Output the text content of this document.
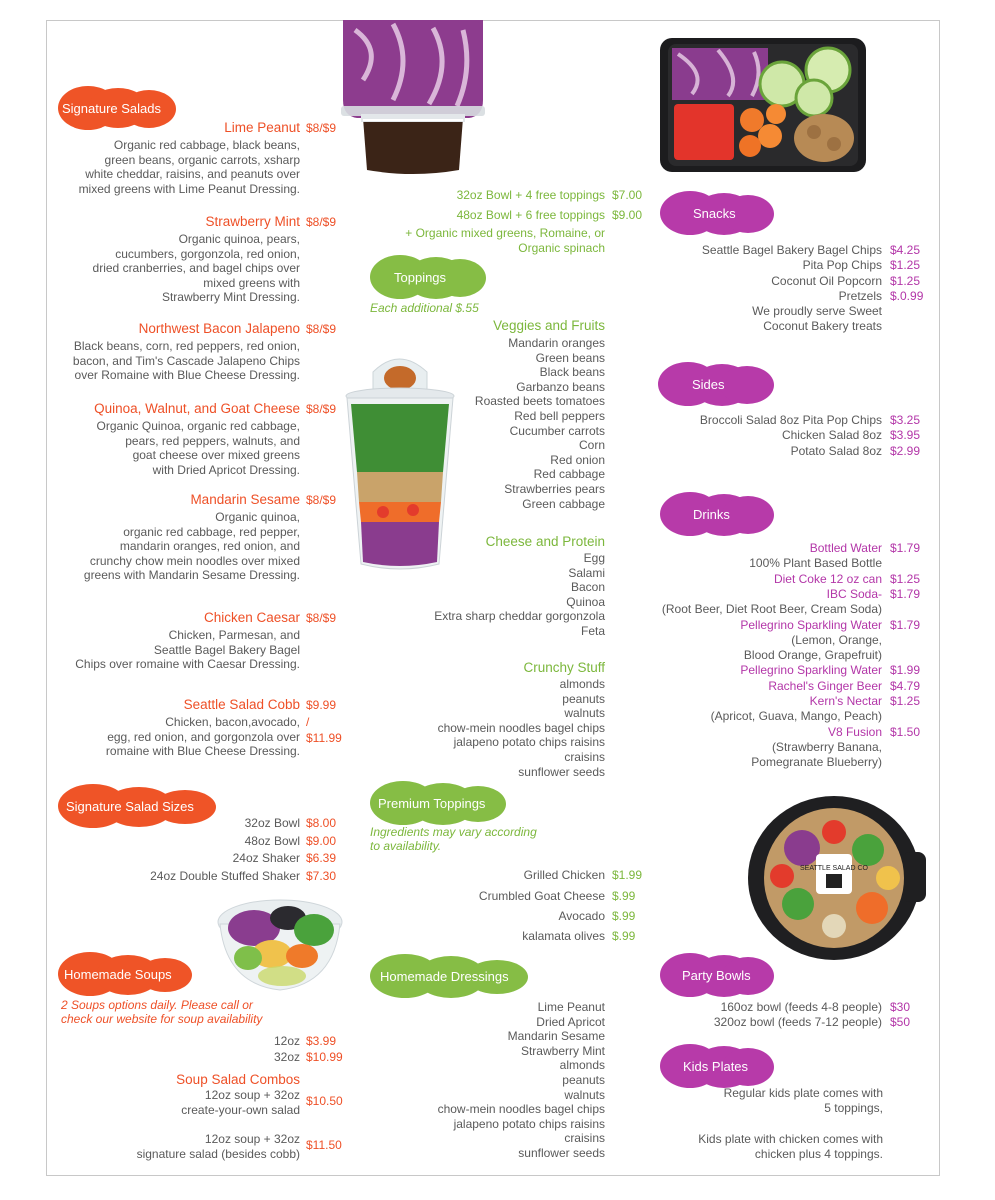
Signature Salads
Lime Peanut $8/$9
Organic red cabbage, black beans,
green beans, organic carrots, xsharp
white cheddar, raisins, and peanuts over
mixed greens with Lime Peanut Dressing.
Strawberry Mint $8/$9
Organic quinoa, pears,
cucumbers, gorgonzola, red onion,
dried cranberries, and bagel chips over
mixed greens with
Strawberry Mint Dressing.
Northwest Bacon Jalapeno $8/$9
Black beans, corn, red peppers, red onion,
bacon, and Tim's Cascade Jalapeno Chips
over Romaine with Blue Cheese Dressing.
Quinoa, Walnut, and Goat Cheese $8/$9
Organic Quinoa, organic red cabbage,
pears, red peppers, walnuts, and
goat cheese over mixed greens
with Dried Apricot Dressing.
Mandarin Sesame $8/$9
Organic quinoa,
organic red cabbage, red pepper,
mandarin oranges, red onion, and
crunchy chow mein noodles over mixed
greens with Mandarin Sesame Dressing.
Chicken Caesar $8/$9
Chicken, Parmesan, and
Seattle Bagel Bakery Bagel
Chips over romaine with Caesar Dressing.
Seattle Salad Cobb $9.99
/
$11.99
Chicken, bacon,avocado,
egg, red onion, and gorgonzola over
romaine with Blue Cheese Dressing.
Signature Salad Sizes
32oz Bowl $8.00
48oz Bowl $9.00
24oz Shaker $6.39
24oz Double Stuffed Shaker $7.30
Homemade Soups
2 Soups options daily. Please call or
check our website for soup availability
12oz $3.99
32oz $10.99
Soup Salad Combos
12oz soup + 32oz
create-your-own salad
$10.50
12oz soup + 32oz
signature salad (besides cobb)
$11.50
32oz Bowl + 4 free toppings $7.00
48oz Bowl + 6 free toppings $9.00
+ Organic mixed greens, Romaine, or
Organic spinach
Toppings
Each additional $.55
Veggies and Fruits
Mandarin oranges
Green beans
Black beans
Garbanzo beans
Roasted beets tomatoes
Red bell peppers
Cucumber carrots
Corn
Red onion
Red cabbage
Strawberries pears
Green cabbage
Cheese and Protein
Egg
Salami
Bacon
Quinoa
Extra sharp cheddar gorgonzola
Feta
Crunchy Stuff
almonds
peanuts
walnuts
chow-mein noodles bagel chips
jalapeno potato chips raisins
craisins
sunflower seeds
Premium Toppings
Ingredients may vary according
to availability.
Grilled Chicken $1.99
Crumbled Goat Cheese $.99
Avocado $.99
kalamata olives $.99
Homemade Dressings
Lime Peanut
Dried Apricot
Mandarin Sesame
Strawberry Mint
almonds
peanuts
walnuts
chow-mein noodles bagel chips
jalapeno potato chips raisins
craisins
sunflower seeds
Snacks
Seattle Bagel Bakery Bagel Chips $4.25
Pita Pop Chips $1.25
Coconut Oil Popcorn $1.25
Pretzels $.0.99
We proudly serve Sweet
Coconut Bakery treats
Sides
Broccoli Salad 8oz Pita Pop Chips $3.25
Chicken Salad 8oz $3.95
Potato Salad 8oz $2.99
Drinks
Bottled Water $1.79
100% Plant Based Bottle
Diet Coke 12 oz can $1.25
IBC Soda- $1.79
(Root Beer, Diet Root Beer, Cream Soda)
Pellegrino Sparkling Water $1.79
(Lemon, Orange,
Blood Orange, Grapefruit)
Pellegrino Sparkling Water $1.99
Rachel's Ginger Beer $4.79
Kern's Nectar $1.25
(Apricot, Guava, Mango, Peach)
V8 Fusion $1.50
(Strawberry Banana,
Pomegranate Blueberry)
SEATTLE SALAD CO
Party Bowls
160oz bowl (feeds 4-8 people) $30
320oz bowl (feeds 7-12 people) $50
Kids Plates
Regular kids plate comes with
5 toppings,
Kids plate with chicken comes with
chicken plus 4 toppings.
